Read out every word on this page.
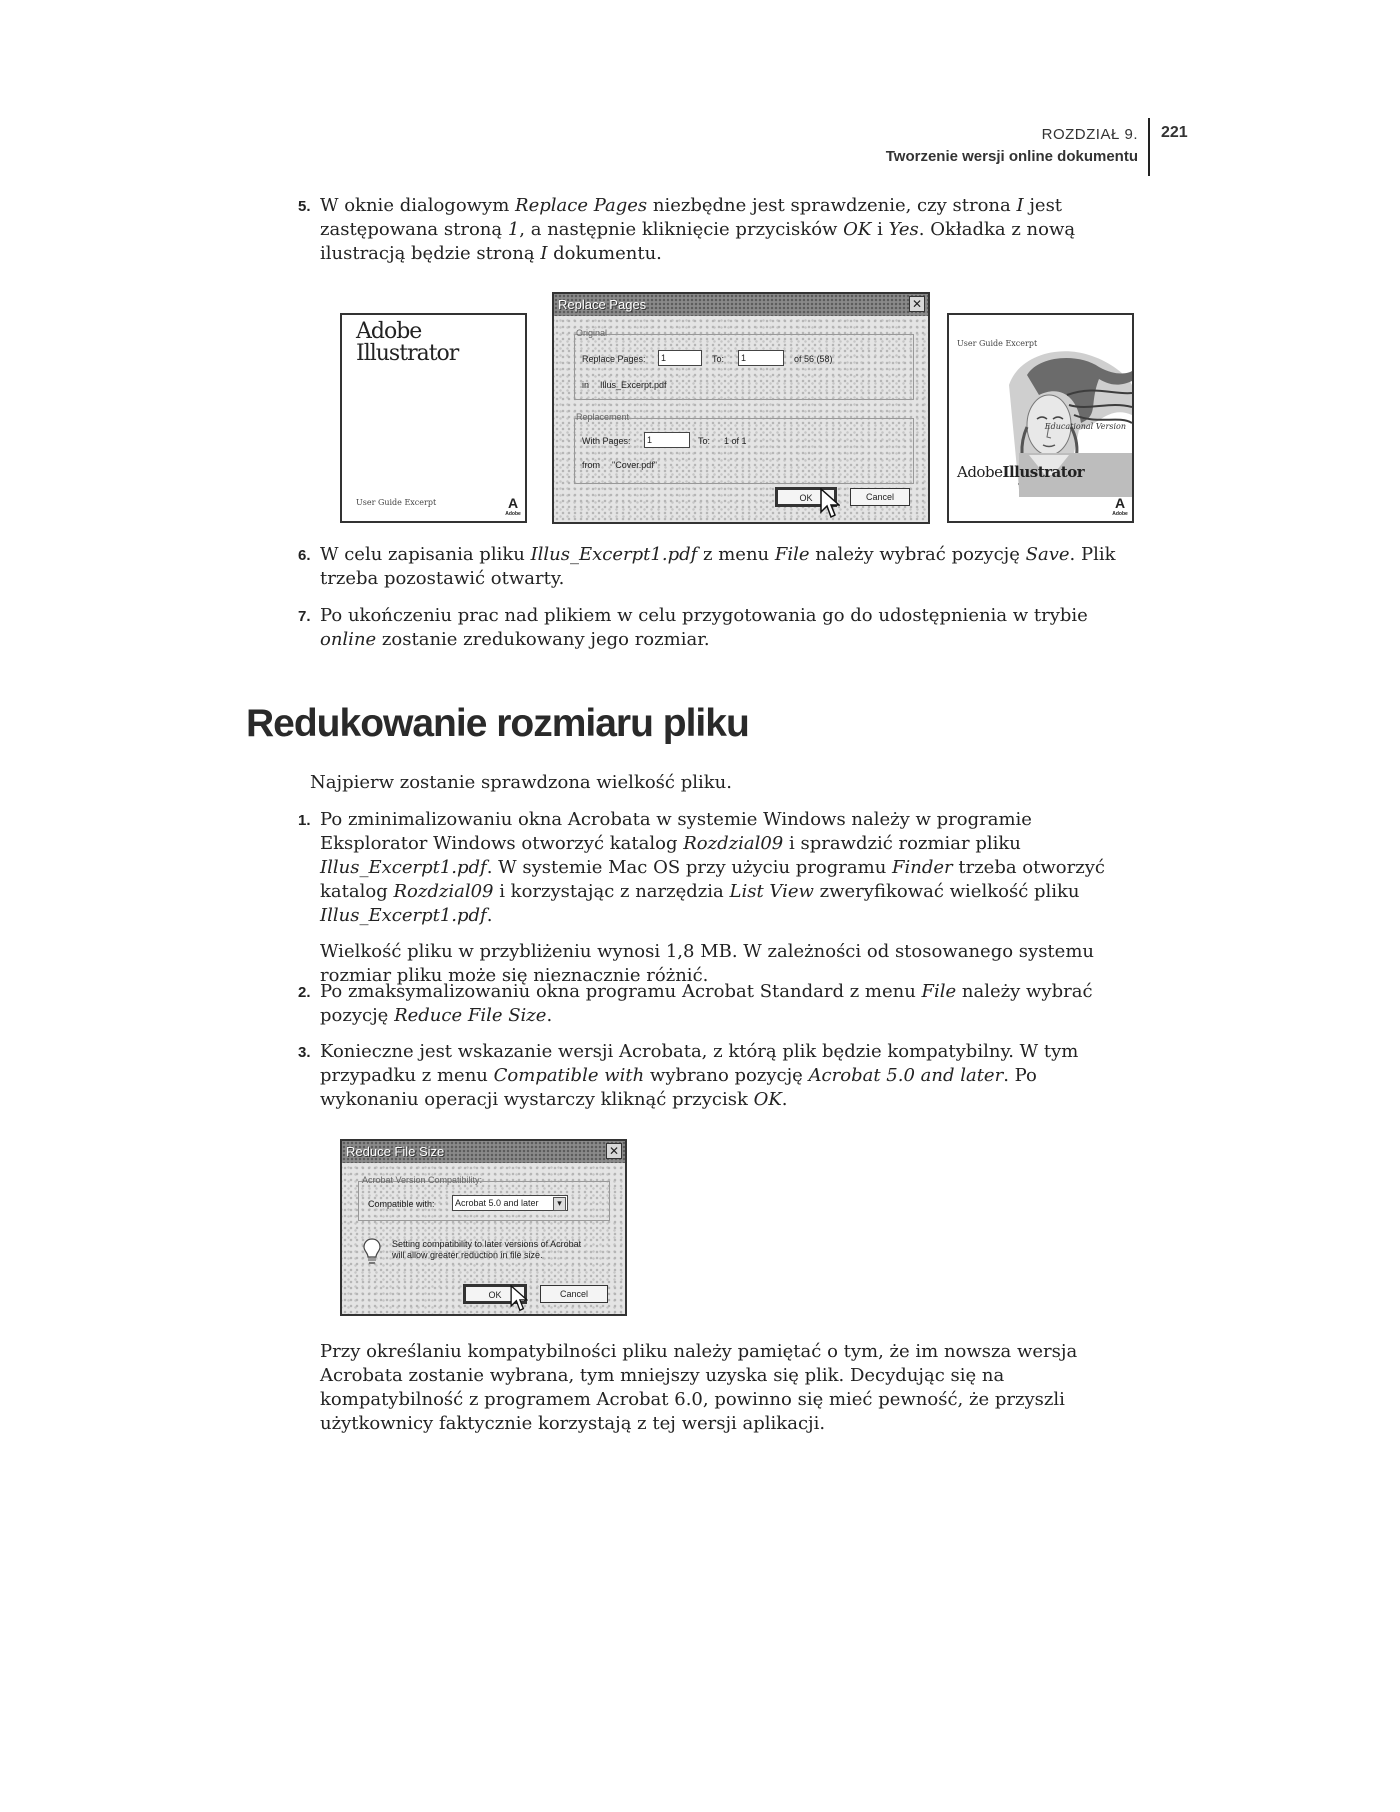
ROZDZIAŁ 9.
Tworzenie wersji online dokumentu
221
5. W oknie dialogowym Replace Pages niezbędne jest sprawdzenie, czy strona I jest zastępowana stroną 1, a następnie kliknięcie przycisków OK i Yes. Okładka z nową ilustracją będzie stroną I dokumentu.

Adobe
Illustrator
User Guide Excerpt	A
Adobe
Replace Pages	✕
Original
Replace Pages:	1	To:	1	of 56 (58)
in Illus_Excerpt.pdf
Replacement
With Pages:	1	To: 1 of 1
from "Cover.pdf"
OK	Cancel
User Guide Excerpt
Educational Version
AdobeIllustrator
A
Adobe
6. W celu zapisania pliku Illus_Excerpt1.pdf z menu File należy wybrać pozycję Save. Plik trzeba pozostawić otwarty.

7. Po ukończeniu prac nad plikiem w celu przygotowania go do udostępnienia w trybie online zostanie zredukowany jego rozmiar.

Redukowanie rozmiaru pliku

Najpierw zostanie sprawdzona wielkość pliku.

1. Po zminimalizowaniu okna Acrobata w systemie Windows należy w programie Eksplorator Windows otworzyć katalog Rozdzial09 i sprawdzić rozmiar pliku Illus_Excerpt1.pdf. W systemie Mac OS przy użyciu programu Finder trzeba otworzyć katalog Rozdzial09 i korzystając z narzędzia List View zweryfikować wielkość pliku Illus_Excerpt1.pdf.

Wielkość pliku w przybliżeniu wynosi 1,8 MB. W zależności od stosowanego systemu rozmiar pliku może się nieznacznie różnić.

2. Po zmaksymalizowaniu okna programu Acrobat Standard z menu File należy wybrać pozycję Reduce File Size.

3. Konieczne jest wskazanie wersji Acrobata, z którą plik będzie kompatybilny. W tym przypadku z menu Compatible with wybrano pozycję Acrobat 5.0 and later. Po wykonaniu operacji wystarczy kliknąć przycisk OK.

Reduce File Size	✕
Acrobat Version Compatibility:
Compatible with:	Acrobat 5.0 and later	▾
Setting compatibility to later versions of Acrobat
will allow greater reduction in file size.
OK	Cancel

Przy określaniu kompatybilności pliku należy pamiętać o tym, że im nowsza wersja Acrobata zostanie wybrana, tym mniejszy uzyska się plik. Decydując się na kompatybilność z programem Acrobat 6.0, powinno się mieć pewność, że przyszli użytkownicy faktycznie korzystają z tej wersji aplikacji.
